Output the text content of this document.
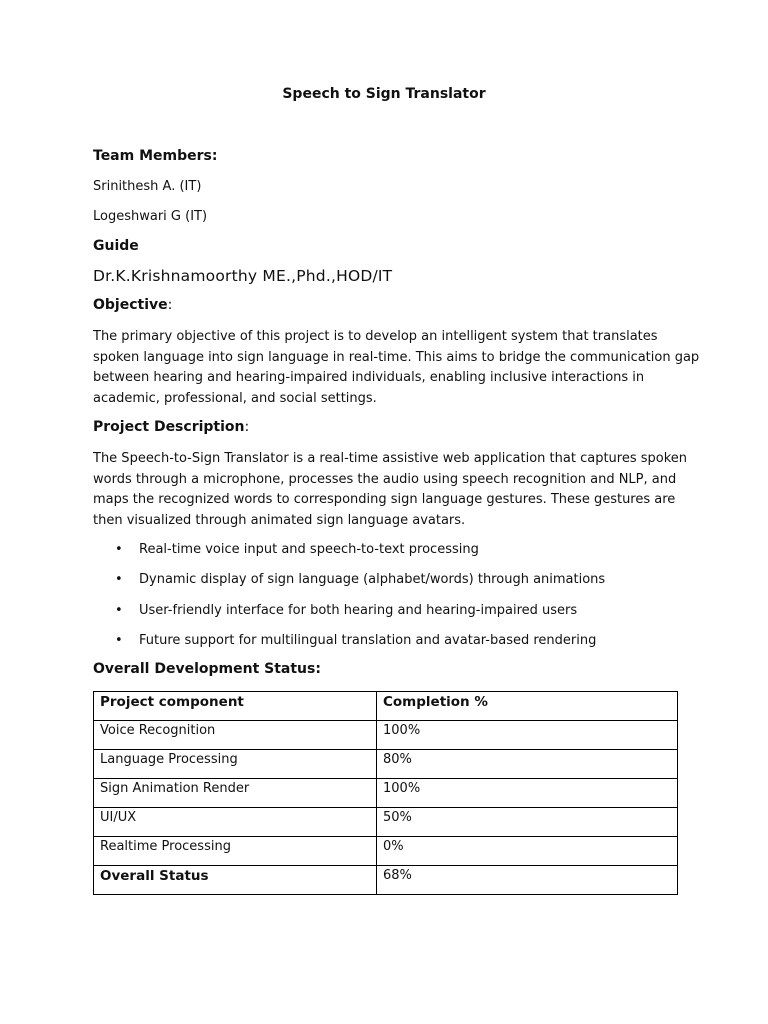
Speech to Sign Translator

Team Members:

Srinithesh A. (IT)

Logeshwari G (IT)

Guide

Dr.K.Krishnamoorthy ME.,Phd.,HOD/IT

Objective:

The primary objective of this project is to develop an intelligent system that translates
spoken language into sign language in real-time. This aims to bridge the communication gap
between hearing and hearing-impaired individuals, enabling inclusive interactions in
academic, professional, and social settings.

Project Description:

The Speech-to-Sign Translator is a real-time assistive web application that captures spoken
words through a microphone, processes the audio using speech recognition and NLP, and
maps the recognized words to corresponding sign language gestures. These gestures are
then visualized through animated sign language avatars.
• Real-time voice input and speech-to-text processing
• Dynamic display of sign language (alphabet/words) through animations
• User-friendly interface for both hearing and hearing-impaired users
• Future support for multilingual translation and avatar-based rendering

Overall Development Status:

Project component	Completion %
Voice Recognition	100%
Language Processing	80%
Sign Animation Render	100%
UI/UX	50%
Realtime Processing	0%
Overall Status	68%
